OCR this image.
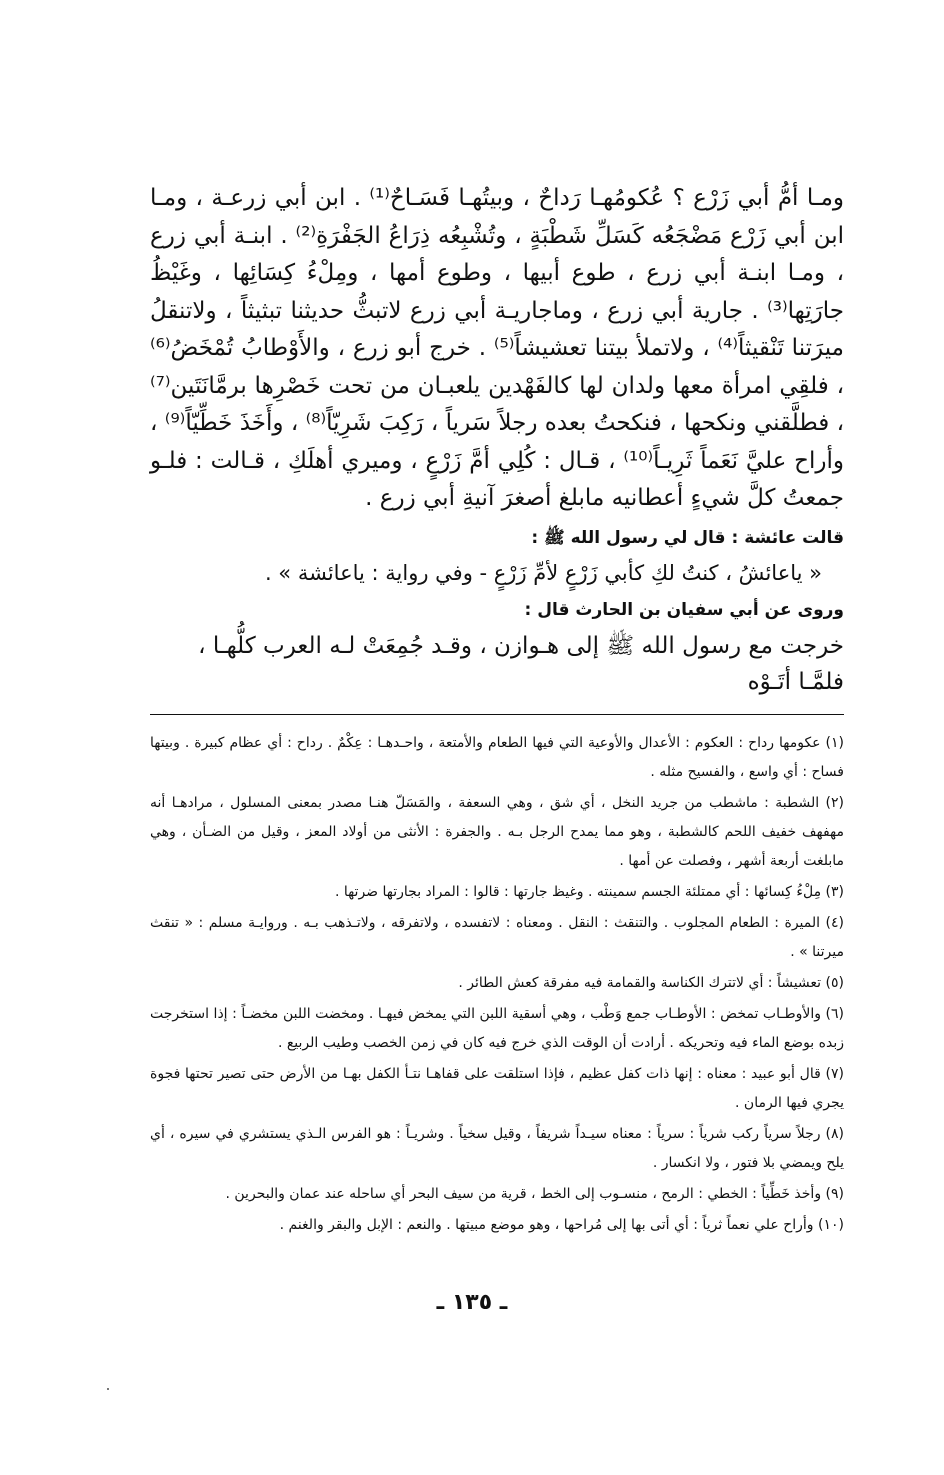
ومـا أمُّ أبي زَرْع ؟ عُكومُهـا رَداحٌ ، وبيتُهـا فَسَـاحٌ⁽¹⁾ . ابن أبي زرعـة ، ومـا ابن أبي زَرْع مَضْجَعُه كَسَلِّ شَطْبَةٍ ، وتُشْبِعُه ذِرَاعُ الجَفْرَةِ⁽²⁾ . ابنـة أبي زرع ، ومـا ابنـة أبي زرع ، طوع أبيها ، وطوع أمها ، ومِلْءُ كِسَائِها ، وغَيْظُ جارَتِها⁽³⁾ . جارية أبي زرع ، وماجاريـة أبي زرع لاتبثُّ حديثنا تبثيثاً ، ولاتنقلُ ميرَتنا تَنْقيثاً⁽⁴⁾ ، ولاتملأ بيتنا تعشيشاً⁽⁵⁾ . خرج أبو زرع ، والأَوْطابُ تُمْخَضُ⁽⁶⁾ ، فلقِي امرأة معها ولدان لها كالفَهْدين يلعبـان من تحت خَصْرِها برمَّانَتَين⁽⁷⁾ ، فطلَّقني ونكحها ، فنكحتُ بعده رجلاً سَرياً ، رَكِبَ شَرِيّاً⁽⁸⁾ ، وأَخَذَ خَطِّيّاً⁽⁹⁾ ، وأراح عليَّ نَعَماً ثَرِيـاً⁽¹⁰⁾ ، قـال : كُلِي أمَّ زَرْعٍ ، وميري أهلَكِ ، قـالت : فلـو جمعتُ كلَّ شيءٍ أعطانيه مابلغ أصغرَ آنيةِ أبي زرع .

قالت عائشة : قال لي رسول الله ﷺ :

« ياعائشُ ، كنتُ لكِ كأبي زَرْعٍ لأمِّ زَرْعٍ - وفي رواية : ياعائشة » .

وروى عن أبي سفيان بن الحارث قال :

خرجت مع رسول الله ﷺ إلى هـوازن ، وقـد جُمِعَتْ لـه العرب كلُّهـا ، فلمَّـا أتَـوْه

(١) عكومها رداح : العكوم : الأعدال والأوعية التي فيها الطعام والأمتعة ، واحـدهـا : عِكْمٌ . رداح : أي عظام كبيرة . وبيتها فساح : أي واسع ، والفسيح مثله .

(٢) الشطبة : ماشطب من جريد النخل ، أي شق ، وهي السعفة ، والمَسَلّ هنـا مصدر بمعنى المسلول ، مرادهـا أنه مهفهف خفيف اللحم كالشطبة ، وهو مما يمدح الرجل بـه . والجفرة : الأنثى من أولاد المعز ، وقيل من الضـأن ، وهي مابلغت أربعة أشهر ، وفصلت عن أمها .

(٣) مِلْءُ كِسائها : أي ممتلئة الجسم سمينته . وغيظ جارتها : قالوا : المراد بجارتها ضرتها .

(٤) الميرة : الطعام المجلوب . والتنقث : النقل . ومعناه : لاتفسده ، ولاتفرقه ، ولاتـذهب بـه . وروايـة مسلم : « تنقث ميرتنا » .

(٥) تعشيشاً : أي لاتترك الكناسة والقمامة فيه مفرقة كعش الطائر .

(٦) والأوطـاب تمخض : الأوطـاب جمع وَطْب ، وهي أسقية اللبن التي يمخض فيهـا . ومخضت اللبن مخضـاً : إذا استخرجت زبده بوضع الماء فيه وتحريكه . أرادت أن الوقت الذي خرج فيه كان في زمن الخصب وطيب الربيع .

(٧) قال أبو عبيد : معناه : إنها ذات كفل عظيم ، فإذا استلقت على قفاهـا نتـأ الكفل بهـا من الأرض حتى تصير تحتها فجوة يجري فيها الرمان .

(٨) رجلاً سرياً ركب شرياً : سرياً : معناه سيـداً شريفاً ، وقيل سخياً . وشريـاً : هو الفرس الـذي يستشري في سيره ، أي يلح ويمضي بلا فتور ، ولا انكسار .

(٩) وأخذ خَطِّياً : الخطي : الرمح ، منسـوب إلى الخط ، قرية من سيف البحر أي ساحله عند عمان والبحرين .

(١٠) وأراح علي نعماً ثرياً : أي أتى بها إلى مُراحها ، وهو موضع مبيتها . والنعم : الإبل والبقر والغنم .

ـ ١٣٥ ـ
